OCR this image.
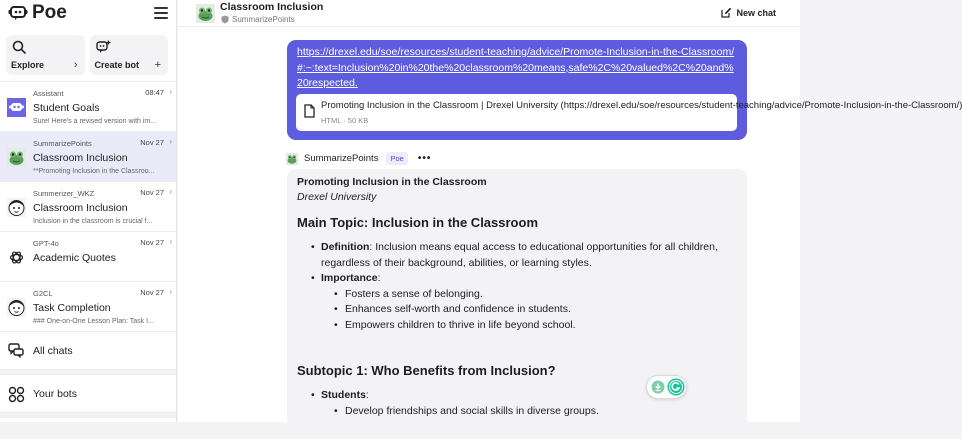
Poe
Explore	› Create bot +
Assistant	08:47 ›
Student Goals
Sure! Here's a revised version with im...
SummarizePoints	Nov 27 ›
Classroom Inclusion
**Promoting Inclusion in the Classroo...
Summerizer_WKZ	Nov 27 ›
Classroom Inclusion
Inclusion in the classroom is crucial f...
GPT-4o	Nov 27 ›
Academic Quotes
G2CL	Nov 27 ›
Task Completion
### One-on-One Lesson Plan: Task I...
All chats
Your bots
Classroom Inclusion
SummarizePoints
New chat
https://drexel.edu/soe/resources/student-teaching/advice/Promote-Inclusion-in-the-Classroom/#:~:text=Inclusion%20in%20the%20classroom%20means,safe%2C%20valued%2C%20and%20respected.
Promoting Inclusion in the Classroom | Drexel University (https://drexel.edu/soe/resources/student-teaching/advice/Promote-Inclusion-in-the-Classroom/)
HTML · 50 KB
SummarizePoints	Poe	•••
Promoting Inclusion in the Classroom
Drexel University
Main Topic: Inclusion in the Classroom
• Definition: Inclusion means equal access to educational opportunities for all children,
regardless of their background, abilities, or learning styles.
• Importance:
• Fosters a sense of belonging.
• Enhances self-worth and confidence in students.
• Empowers children to thrive in life beyond school.
Subtopic 1: Who Benefits from Inclusion?
• Students:
• Develop friendships and social skills in diverse groups.
